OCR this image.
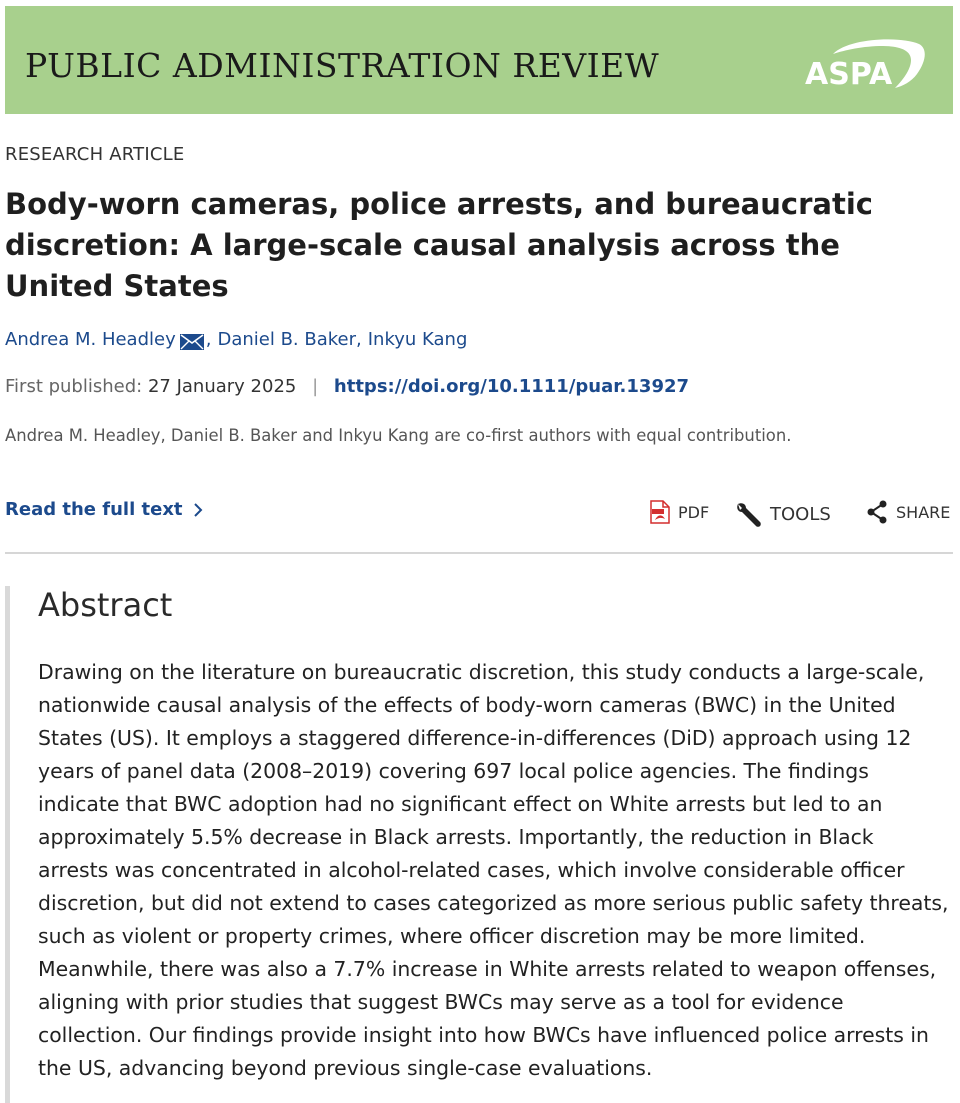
PUBLIC ADMINISTRATION REVIEW	ASPA
RESEARCH ARTICLE
Body-worn cameras, police arrests, and bureaucratic discretion: A large-scale causal analysis across the United States
Andrea M. Headley , Daniel B. Baker , Inkyu Kang
First published: 27 January 2025 | https://doi.org/10.1111/puar.13927
Andrea M. Headley, Daniel B. Baker and Inkyu Kang are co-first authors with equal contribution.
Read the full text	PDF	TOOLS	SHARE
Abstract

Drawing on the literature on bureaucratic discretion, this study conducts a large-scale, nationwide causal analysis of the effects of body-worn cameras (BWC) in the United States (US). It employs a staggered difference-in-differences (DiD) approach using 12 years of panel data (2008–2019) covering 697 local police agencies. The findings indicate that BWC adoption had no significant effect on White arrests but led to an approximately 5.5% decrease in Black arrests. Importantly, the reduction in Black arrests was concentrated in alcohol-related cases, which involve considerable officer discretion, but did not extend to cases categorized as more serious public safety threats, such as violent or property crimes, where officer discretion may be more limited. Meanwhile, there was also a 7.7% increase in White arrests related to weapon offenses, aligning with prior studies that suggest BWCs may serve as a tool for evidence collection. Our findings provide insight into how BWCs have influenced police arrests in the US, advancing beyond previous single-case evaluations.
